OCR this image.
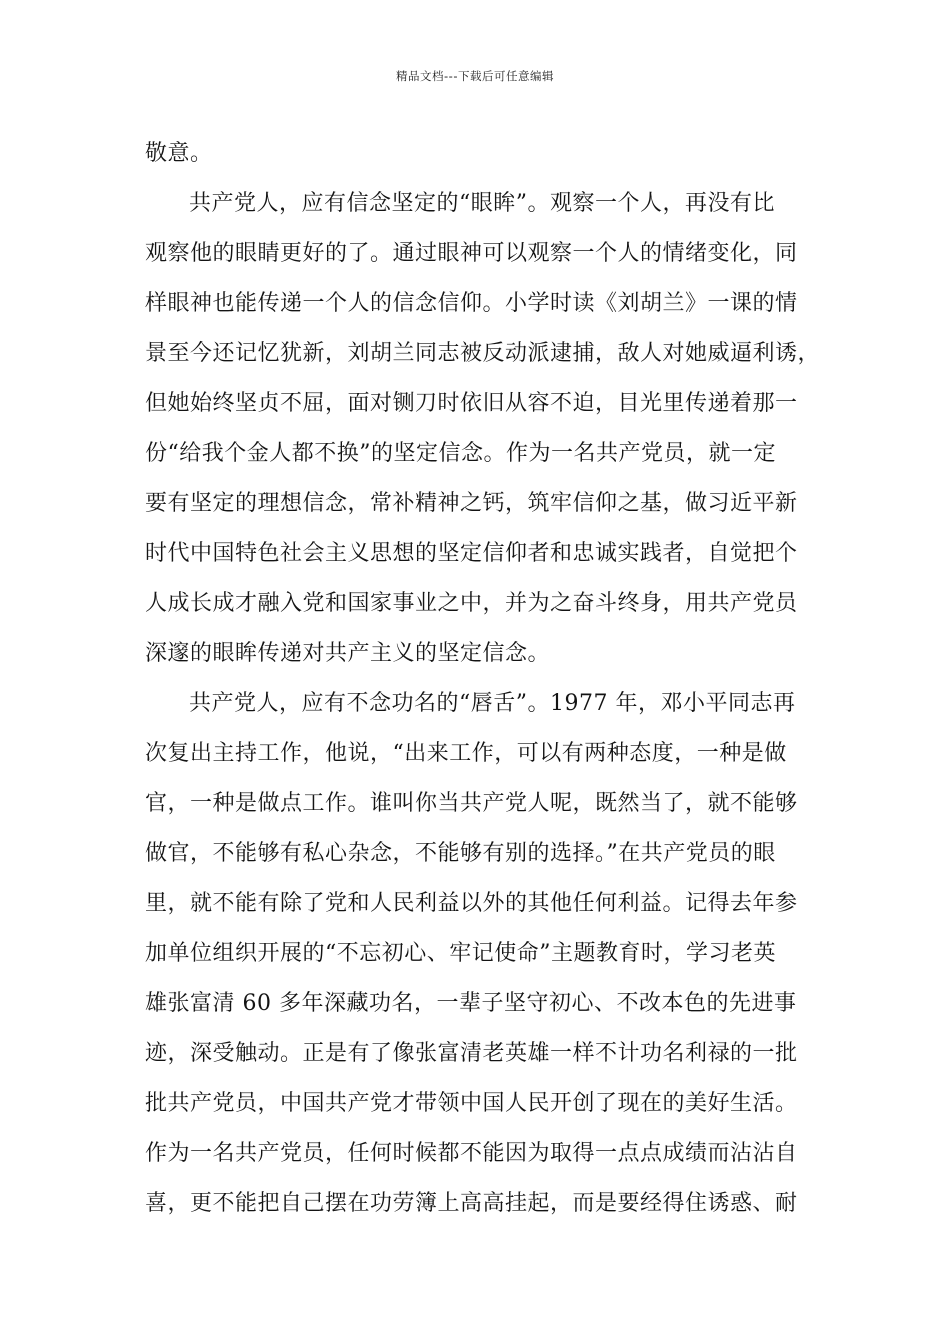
精品文档---下载后可任意编辑
敬意。
共产党人，应有信念坚定的“眼眸”。观察一个人，再没有比
观察他的眼睛更好的了。通过眼神可以观察一个人的情绪变化，同
样眼神也能传递一个人的信念信仰。小学时读《刘胡兰》一课的情
景至今还记忆犹新，刘胡兰同志被反动派逮捕，敌人对她威逼利诱，
但她始终坚贞不屈，面对铡刀时依旧从容不迫，目光里传递着那一
份“给我个金人都不换”的坚定信念。作为一名共产党员，就一定
要有坚定的理想信念，常补精神之钙，筑牢信仰之基，做习近平新
时代中国特色社会主义思想的坚定信仰者和忠诚实践者，自觉把个
人成长成才融入党和国家事业之中，并为之奋斗终身，用共产党员
深邃的眼眸传递对共产主义的坚定信念。
共产党人，应有不念功名的“唇舌”。1977 年，邓小平同志再
次复出主持工作，他说，“出来工作，可以有两种态度，一种是做
官，一种是做点工作。谁叫你当共产党人呢，既然当了，就不能够
做官，不能够有私心杂念，不能够有别的选择。”在共产党员的眼
里，就不能有除了党和人民利益以外的其他任何利益。记得去年参
加单位组织开展的“不忘初心、牢记使命”主题教育时，学习老英
雄张富清 60 多年深藏功名，一辈子坚守初心、不改本色的先进事
迹，深受触动。正是有了像张富清老英雄一样不计功名利禄的一批
批共产党员，中国共产党才带领中国人民开创了现在的美好生活。
作为一名共产党员，任何时候都不能因为取得一点点成绩而沾沾自
喜，更不能把自己摆在功劳簿上高高挂起，而是要经得住诱惑、耐
